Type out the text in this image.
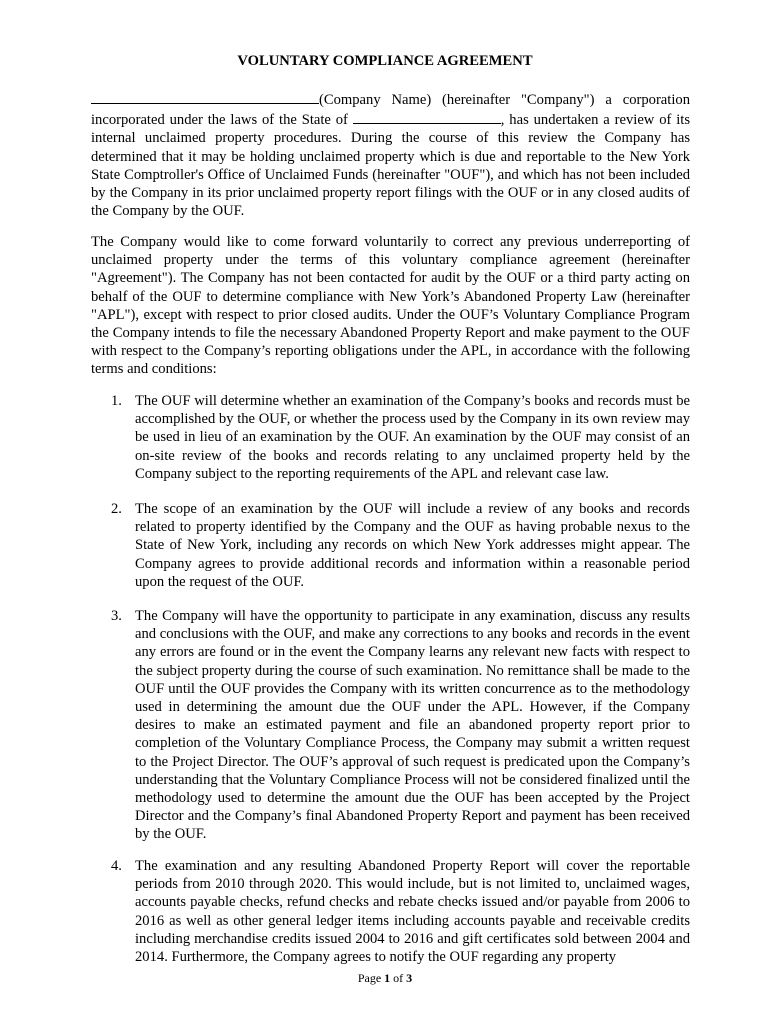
VOLUNTARY COMPLIANCE AGREEMENT

(Company Name) (hereinafter "Company") a corporation incorporated under the laws of the State of	, has undertaken a review of its internal unclaimed property procedures. During the course of this review the Company has determined that it may be holding unclaimed property which is due and reportable to the New York State Comptroller's Office of Unclaimed Funds (hereinafter "OUF"), and which has not been included by the Company in its prior unclaimed property report filings with the OUF or in any closed audits of the Company by the OUF.

The Company would like to come forward voluntarily to correct any previous underreporting of unclaimed property under the terms of this voluntary compliance agreement (hereinafter "Agreement"). The Company has not been contacted for audit by the OUF or a third party acting on behalf of the OUF to determine compliance with New York’s Abandoned Property Law (hereinafter "APL"), except with respect to prior closed audits. Under the OUF’s Voluntary Compliance Program the Company intends to file the necessary Abandoned Property Report and make payment to the OUF with respect to the Company’s reporting obligations under the APL, in accordance with the following terms and conditions:

1. The OUF will determine whether an examination of the Company’s books and records must be accomplished by the OUF, or whether the process used by the Company in its own review may be used in lieu of an examination by the OUF. An examination by the OUF may consist of an on-site review of the books and records relating to any unclaimed property held by the Company subject to the reporting requirements of the APL and relevant case law.

2. The scope of an examination by the OUF will include a review of any books and records related to property identified by the Company and the OUF as having probable nexus to the State of New York, including any records on which New York addresses might appear. The Company agrees to provide additional records and information within a reasonable period upon the request of the OUF.

3. The Company will have the opportunity to participate in any examination, discuss any results and conclusions with the OUF, and make any corrections to any books and records in the event any errors are found or in the event the Company learns any relevant new facts with respect to the subject property during the course of such examination. No remittance shall be made to the OUF until the OUF provides the Company with its written concurrence as to the methodology used in determining the amount due the OUF under the APL. However, if the Company desires to make an estimated payment and file an abandoned property report prior to completion of the Voluntary Compliance Process, the Company may submit a written request to the Project Director. The OUF’s approval of such request is predicated upon the Company’s understanding that the Voluntary Compliance Process will not be considered finalized until the methodology used to determine the amount due the OUF has been accepted by the Project Director and the Company’s final Abandoned Property Report and payment has been received by the OUF.

4. The examination and any resulting Abandoned Property Report will cover the reportable periods from 2010 through 2020. This would include, but is not limited to, unclaimed wages, accounts payable checks, refund checks and rebate checks issued and/or payable from 2006 to 2016 as well as other general ledger items including accounts payable and receivable credits including merchandise credits issued 2004 to 2016 and gift certificates sold between 2004 and 2014. Furthermore, the Company agrees to notify the OUF regarding any property

Page 1 of 3
